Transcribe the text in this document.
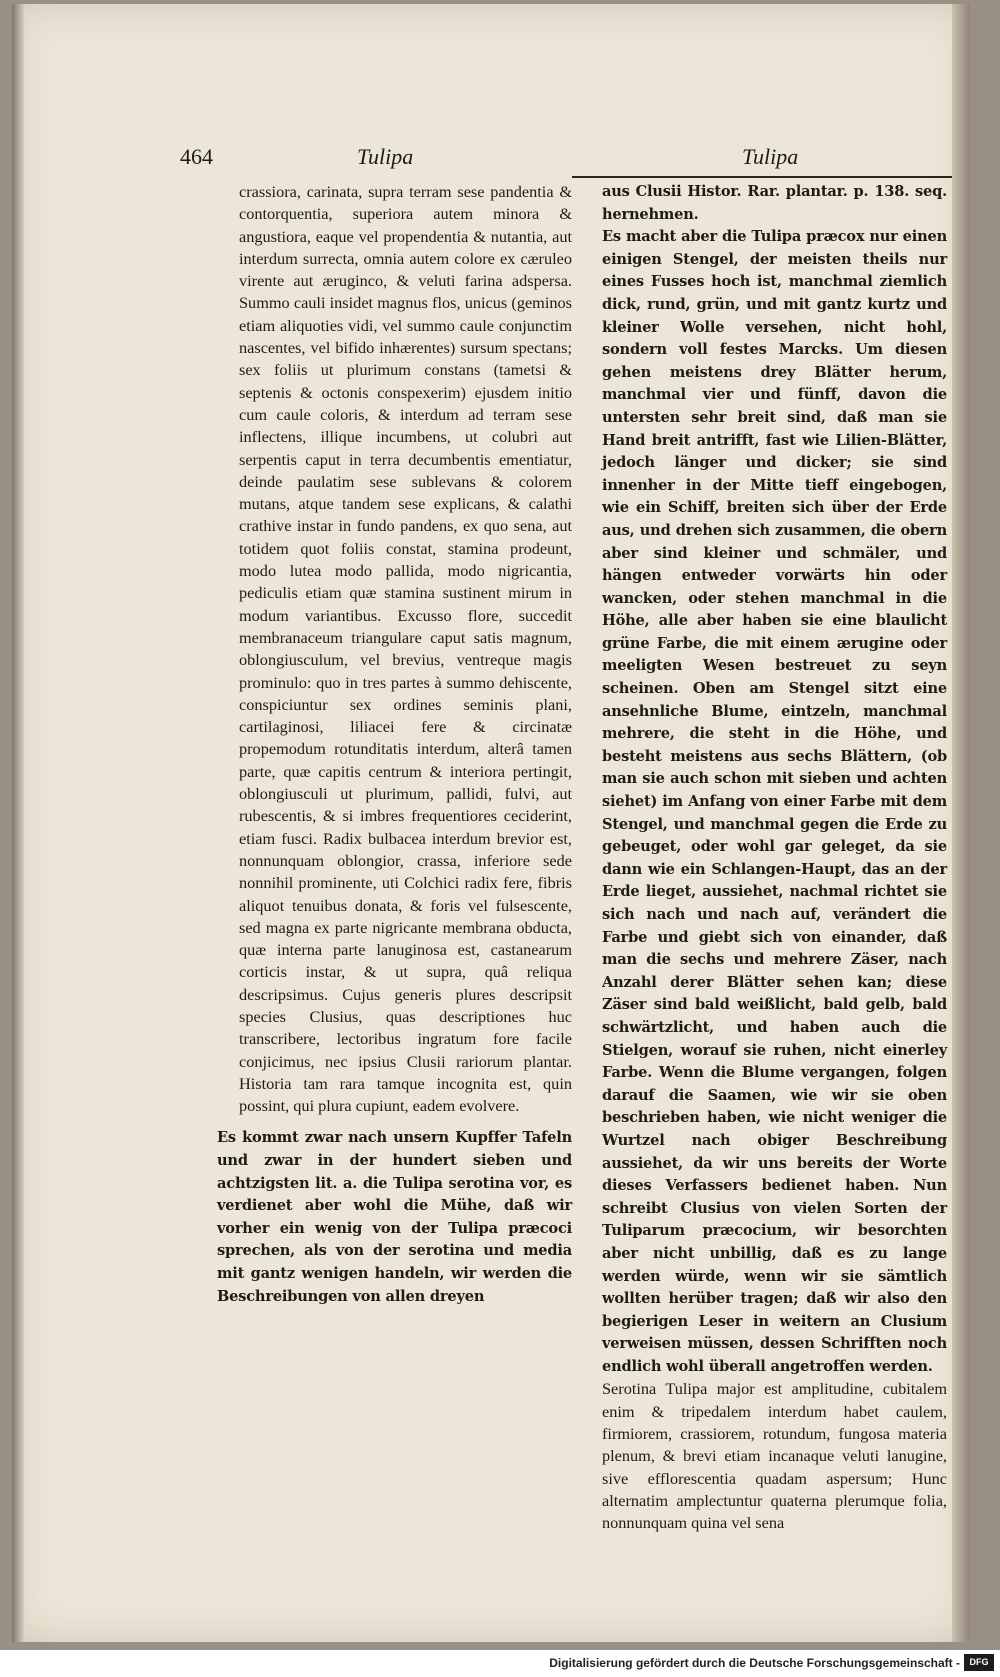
464	Tulipa	Tulipa

crassiora, carinata, supra terram sese pandentia & contorquentia, superiora autem minora & angustiora, eaque vel propendentia & nutantia, aut interdum surrecta, omnia autem colore ex cæruleo virente aut æruginco, & veluti farina adspersa. Summo cauli insidet magnus flos, unicus (geminos etiam aliquoties vidi, vel summo caule conjunctim nascentes, vel bifido inhærentes) sursum spectans; sex foliis ut plurimum constans (tametsi & septenis & octonis conspexerim) ejusdem initio cum caule coloris, & interdum ad terram sese inflectens, illique incumbens, ut colubri aut serpentis caput in terra decumbentis ementiatur, deinde paulatim sese sublevans & colorem mutans, atque tandem sese explicans, & calathi crathive instar in fundo pandens, ex quo sena, aut totidem quot foliis constat, stamina prodeunt, modo lutea modo pallida, modo nigricantia, pediculis etiam quæ stamina sustinent mirum in modum variantibus. Excusso flore, succedit membranaceum triangulare caput satis magnum, oblongiusculum, vel brevius, ventreque magis prominulo: quo in tres partes à summo dehiscente, conspiciuntur sex ordines seminis plani, cartilaginosi, liliacei fere & circinatæ propemodum rotunditatis interdum, alterâ tamen parte, quæ capitis centrum & interiora pertingit, oblongiusculi ut plurimum, pallidi, fulvi, aut rubescentis, & si imbres frequentiores ceciderint, etiam fusci. Radix bulbacea interdum brevior est, nonnunquam oblongior, crassa, inferiore sede nonnihil prominente, uti Colchici radix fere, fibris aliquot tenuibus donata, & foris vel fulsescente, sed magna ex parte nigricante membrana obducta, quæ interna parte lanuginosa est, castanearum corticis instar, & ut supra, quâ reliqua descripsimus. Cujus generis plures descripsit species Clusius, quas descriptiones huc transcribere, lectoribus ingratum fore facile conjicimus, nec ipsius Clusii rariorum plantar. Historia tam rara tamque incognita est, quin possint, qui plura cupiunt, eadem evolvere.

Es kommt zwar nach unsern Kupffer Tafeln und zwar in der hundert sieben und achtzigsten lit. a. die Tulipa serotina vor, es verdienet aber wohl die Mühe, daß wir vorher ein wenig von der Tulipa præcoci sprechen, als von der serotina und media mit gantz wenigen handeln, wir werden die Beschreibungen von allen dreyen

aus Clusii Histor. Rar. plantar. p. 138. seq. hernehmen.

Es macht aber die Tulipa præcox nur einen einigen Stengel, der meisten theils nur eines Fusses hoch ist, manchmal ziemlich dick, rund, grün, und mit gantz kurtz und kleiner Wolle versehen, nicht hohl, sondern voll festes Marcks. Um diesen gehen meistens drey Blätter herum, manchmal vier und fünff, davon die untersten sehr breit sind, daß man sie Hand breit antrifft, fast wie Lilien-Blätter, jedoch länger und dicker; sie sind innenher in der Mitte tieff eingebogen, wie ein Schiff, breiten sich über der Erde aus, und drehen sich zusammen, die obern aber sind kleiner und schmäler, und hängen entweder vorwärts hin oder wancken, oder stehen manchmal in die Höhe, alle aber haben sie eine blaulicht grüne Farbe, die mit einem ærugine oder meeligten Wesen bestreuet zu seyn scheinen. Oben am Stengel sitzt eine ansehnliche Blume, eintzeln, manchmal mehrere, die steht in die Höhe, und besteht meistens aus sechs Blättern, (ob man sie auch schon mit sieben und achten siehet) im Anfang von einer Farbe mit dem Stengel, und manchmal gegen die Erde zu gebeuget, oder wohl gar geleget, da sie dann wie ein Schlangen-Haupt, das an der Erde lieget, aussiehet, nachmal richtet sie sich nach und nach auf, verändert die Farbe und giebt sich von einander, daß man die sechs und mehrere Zäser, nach Anzahl derer Blätter sehen kan; diese Zäser sind bald weißlicht, bald gelb, bald schwärtzlicht, und haben auch die Stielgen, worauf sie ruhen, nicht einerley Farbe. Wenn die Blume vergangen, folgen darauf die Saamen, wie wir sie oben beschrieben haben, wie nicht weniger die Wurtzel nach obiger Beschreibung aussiehet, da wir uns bereits der Worte dieses Verfassers bedienet haben. Nun schreibt Clusius von vielen Sorten der Tuliparum præcocium, wir besorchten aber nicht unbillig, daß es zu lange werden würde, wenn wir sie sämtlich wollten herüber tragen; daß wir also den begierigen Leser in weitern an Clusium verweisen müssen, dessen Schrifften noch endlich wohl überall angetroffen werden.

Serotina Tulipa major est amplitudine, cubitalem enim & tripedalem interdum habet caulem, firmiorem, crassiorem, rotundum, fungosa materia plenum, & brevi etiam incanaque veluti lanugine, sive efflorescentia quadam aspersum; Hunc alternatim amplectuntur quaterna plerumque folia, nonnunquam quina vel sena

Digitalisierung gefördert durch die Deutsche Forschungsgemeinschaft -	DFG
